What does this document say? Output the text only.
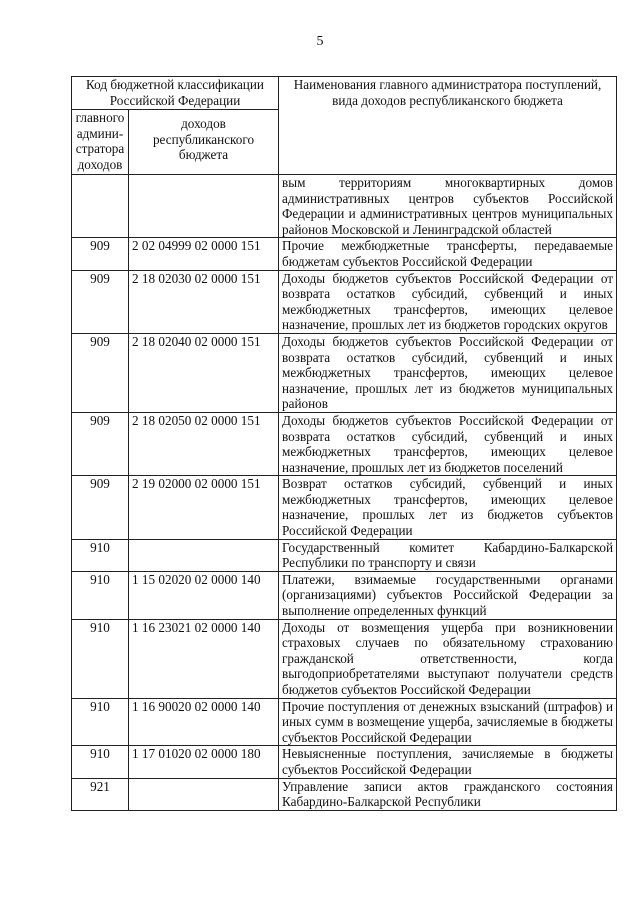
5
Код бюджетной классификации Российской Федерации		Наименования главного администратора поступлений, вида доходов республиканского бюджета
главного админи- стратора доходов	доходов республиканского бюджета	
		вым территориям многоквартирных домов административных центров субъектов Российской Федерации и административных центров муниципальных районов Московской и Ленинградской областей
909	2 02 04999 02 0000 151	Прочие межбюджетные трансферты, передаваемые бюджетам субъектов Российской Федерации
909	2 18 02030 02 0000 151	Доходы бюджетов субъектов Российской Федерации от возврата остатков субсидий, субвенций и иных межбюджетных трансфертов, имеющих целевое назначение, прошлых лет из бюджетов городских округов
909	2 18 02040 02 0000 151	Доходы бюджетов субъектов Российской Федерации от возврата остатков субсидий, субвенций и иных межбюджетных трансфертов, имеющих целевое назначение, прошлых лет из бюджетов муниципальных районов
909	2 18 02050 02 0000 151	Доходы бюджетов субъектов Российской Федерации от возврата остатков субсидий, субвенций и иных межбюджетных трансфертов, имеющих целевое назначение, прошлых лет из бюджетов поселений
909	2 19 02000 02 0000 151	Возврат остатков субсидий, субвенций и иных межбюджетных трансфертов, имеющих целевое назначение, прошлых лет из бюджетов субъектов Российской Федерации
910		Государственный комитет Кабардино-Балкарской Республики по транспорту и связи
910	1 15 02020 02 0000 140	Платежи, взимаемые государственными органами (организациями) субъектов Российской Федерации за выполнение определенных функций
910	1 16 23021 02 0000 140	Доходы от возмещения ущерба при возникновении страховых случаев по обязательному страхованию гражданской ответственности, когда выгодоприобретателями выступают получатели средств бюджетов субъектов Российской Федерации
910	1 16 90020 02 0000 140	Прочие поступления от денежных взысканий (штрафов) и иных сумм в возмещение ущерба, зачисляемые в бюджеты субъектов Российской Федерации
910	1 17 01020 02 0000 180	Невыясненные поступления, зачисляемые в бюджеты субъектов Российской Федерации
921		Управление записи актов гражданского состояния Кабардино-Балкарской Республики
